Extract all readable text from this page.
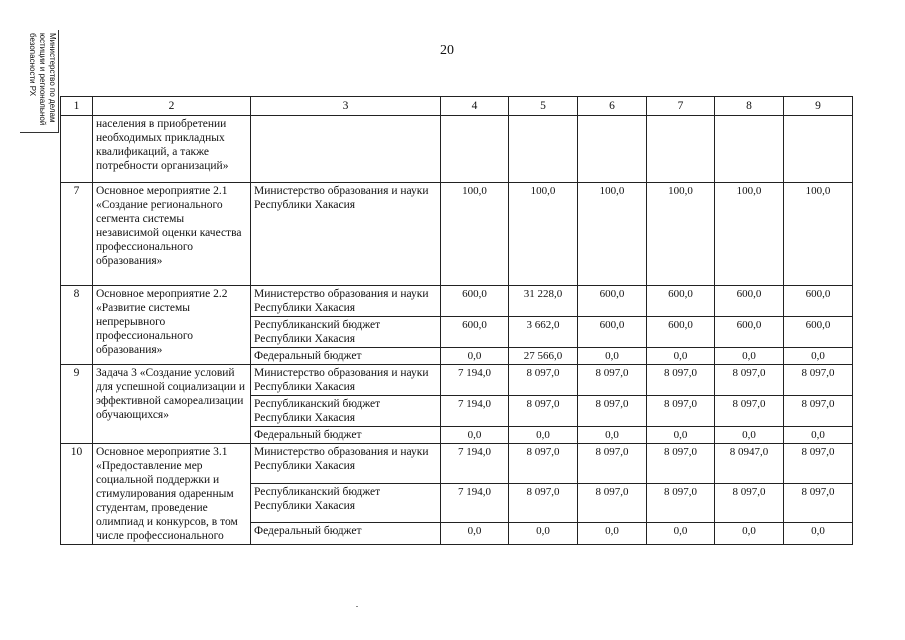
Министерство по делам
юстиции и региональной
безопасности РХ
20
1	2	3	4	5	6	7	8	9
	населения в приобретении необходимых прикладных квалификаций, а также потребности организаций»							
7	Основное мероприятие 2.1 «Создание регионального сегмента системы независимой оценки качества профессионального образования»	Министерство образования и науки Республики Хакасия	100,0	100,0	100,0	100,0	100,0	100,0
8	Основное мероприятие 2.2 «Развитие системы непрерывного профессионального образования»	Министерство образования и науки Республики Хакасия	600,0	31 228,0	600,0	600,0	600,0	600,0
		Республиканский бюджет Республики Хакасия	600,0	3 662,0	600,0	600,0	600,0	600,0
		Федеральный бюджет	0,0	27 566,0	0,0	0,0	0,0	0,0
9	Задача 3 «Создание условий для успешной социализации и эффективной самореализации обучающихся»	Министерство образования и науки Республики Хакасия	7 194,0	8 097,0	8 097,0	8 097,0	8 097,0	8 097,0
		Республиканский бюджет Республики Хакасия	7 194,0	8 097,0	8 097,0	8 097,0	8 097,0	8 097,0
		Федеральный бюджет	0,0	0,0	0,0	0,0	0,0	0,0
10	Основное мероприятие 3.1 «Предоставление мер социальной поддержки и стимулирования одаренным студентам, проведение олимпиад и конкурсов, в том числе профессионального	Министерство образования и науки Республики Хакасия	7 194,0	8 097,0	8 097,0	8 097,0	8 0947,0	8 097,0
		Республиканский бюджет Республики Хакасия	7 194,0	8 097,0	8 097,0	8 097,0	8 097,0	8 097,0
		Федеральный бюджет	0,0	0,0	0,0	0,0	0,0	0,0
